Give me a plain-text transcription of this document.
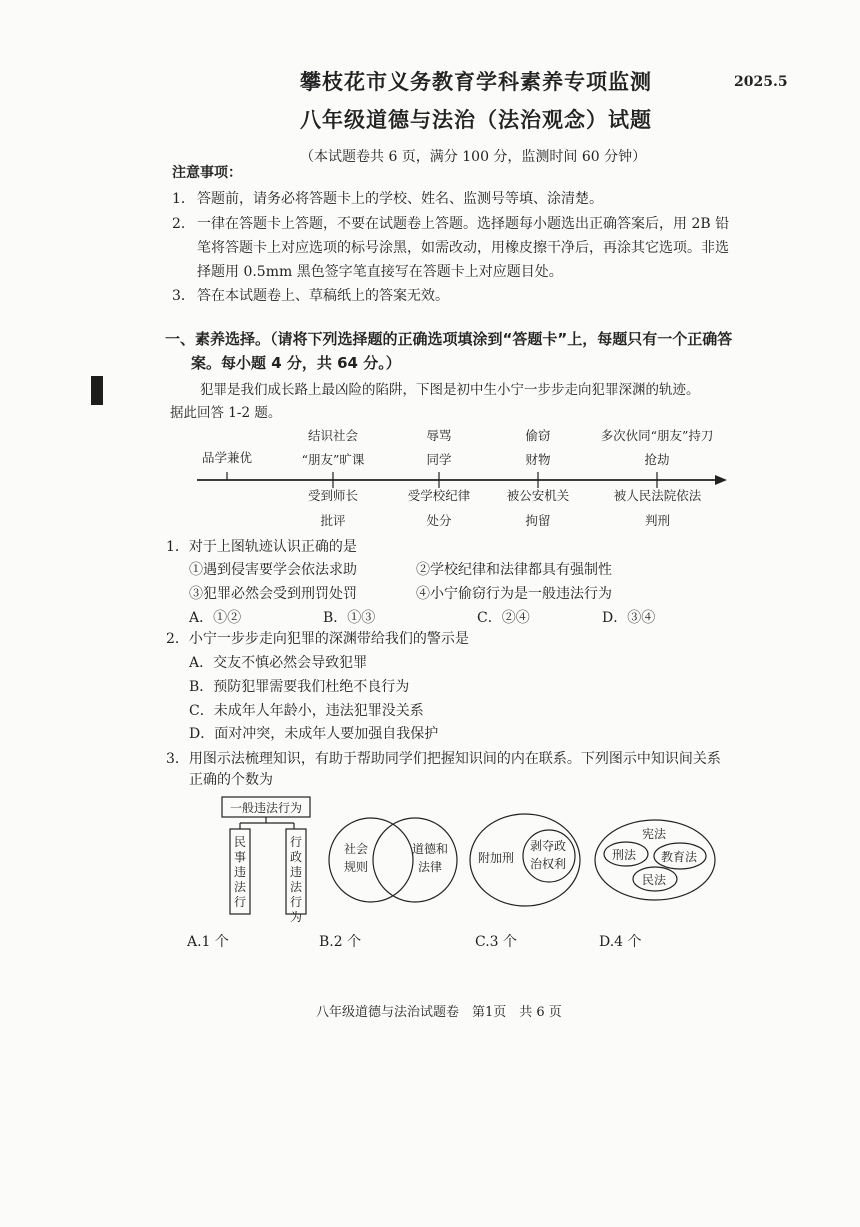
攀枝花市义务教育学科素养专项监测	2025.5
八年级道德与法治（法治观念）试题
（本试题卷共 6 页，满分 100 分，监测时间 60 分钟）
注意事项：
1． 答题前，请务必将答题卡上的学校、姓名、监测号等填、涂清楚。
2． 一律在答题卡上答题，不要在试题卷上答题。选择题每小题选出正确答案后，用 2B 铅
笔将答题卡上对应选项的标号涂黑，如需改动，用橡皮擦干净后，再涂其它选项。非选
择题用 0.5mm 黑色签字笔直接写在答题卡上对应题目处。
3． 答在本试题卷上、草稿纸上的答案无效。
一、素养选择。（请将下列选择题的正确选项填涂到“答题卡”上，每题只有一个正确答
案。每小题 4 分，共 64 分。）
犯罪是我们成长路上最凶险的陷阱，下图是初中生小宁一步步走向犯罪深渊的轨迹。
据此回答 1-2 题。
品学兼优
结识社会
“朋友”旷课
辱骂
同学
偷窃
财物
多次伙同“朋友”持刀
抢劫
受到师长
批评
受学校纪律
处分
被公安机关
拘留
被人民法院依法
判刑
1．对于上图轨迹认识正确的是
①遇到侵害要学会依法求助	②学校纪律和法律都具有强制性
③犯罪必然会受到刑罚处罚	④小宁偷窃行为是一般违法行为
A．①②	B．①③	C．②④	D．③④
2．小宁一步步走向犯罪的深渊带给我们的警示是
A．交友不慎必然会导致犯罪
B．预防犯罪需要我们杜绝不良行为
C．未成年人年龄小，违法犯罪没关系
D．面对冲突，未成年人要加强自我保护
3．用图示法梳理知识，有助于帮助同学们把握知识间的内在联系。下列图示中知识间关系
正确的个数为
一般违法行为
民事违法行
行政违法行为
社会规则
道德和法律
附加刑
剥夺政治权利
宪法
刑法 教育法
民法
A.1 个	B.2 个	C.3 个	D.4 个
八年级道德与法治试题卷　第1页　共 6 页
